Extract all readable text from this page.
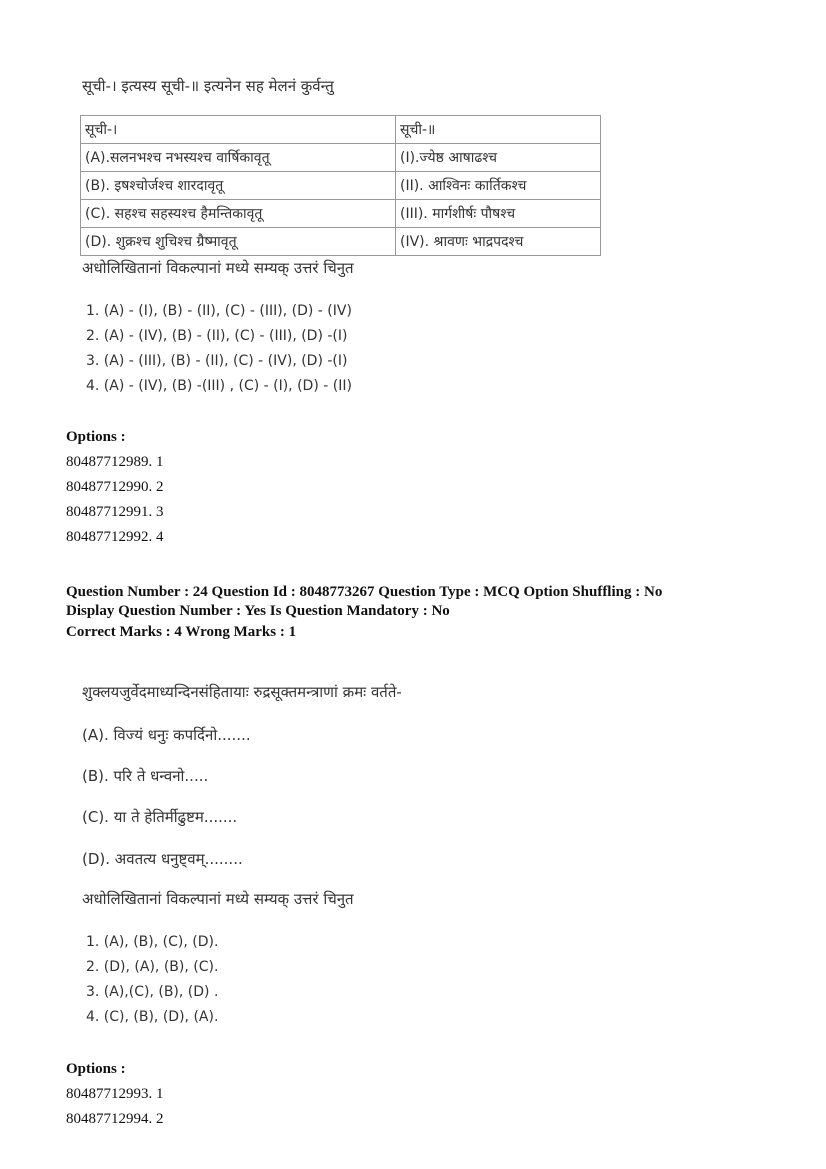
सूची-। इत्यस्य सूची-॥ इत्यनेन सह मेलनं कुर्वन्तु
सूची-।	सूची-॥
(A).सलनभश्च नभस्यश्च वार्षिकावृतू	(I).ज्येष्ठ आषाढश्च
(B). इषश्चोर्जश्च शारदावृतू	(II). आश्विनः कार्तिकश्च
(C). सहश्च सहस्यश्च हैमन्तिकावृतू	(III). मार्गशीर्षः पौषश्च
(D). शुक्रश्च शुचिश्च ग्रैष्मावृतू	(IV). श्रावणः भाद्रपदश्च
अधोलिखितानां विकल्पानां मध्ये सम्यक् उत्तरं चिनुत
1. (A) - (I), (B) - (II), (C) - (III), (D) - (IV)
2. (A) - (IV), (B) - (II), (C) - (III), (D) -(I)
3. (A) - (III), (B) - (II), (C) - (IV), (D) -(I)
4. (A) - (IV), (B) -(III) , (C) - (I), (D) - (II)
Options :
80487712989. 1
80487712990. 2
80487712991. 3
80487712992. 4
Question Number : 24 Question Id : 8048773267 Question Type : MCQ Option Shuffling : No
Display Question Number : Yes Is Question Mandatory : No
Correct Marks : 4 Wrong Marks : 1
शुक्लयजुर्वेदमाध्यन्दिनसंहितायाः रुद्रसूक्तमन्त्राणां क्रमः वर्तते-
(A). विज्यं धनुः कपर्दिनो.......
(B). परि ते धन्वनो.....
(C). या ते हेतिर्मीढुष्टम.......
(D). अवतत्य धनुष्ट्वम्........
अधोलिखितानां विकल्पानां मध्ये सम्यक् उत्तरं चिनुत
1. (A), (B), (C), (D).
2. (D), (A), (B), (C).
3. (A),(C), (B), (D) .
4. (C), (B), (D), (A).
Options :
80487712993. 1
80487712994. 2
